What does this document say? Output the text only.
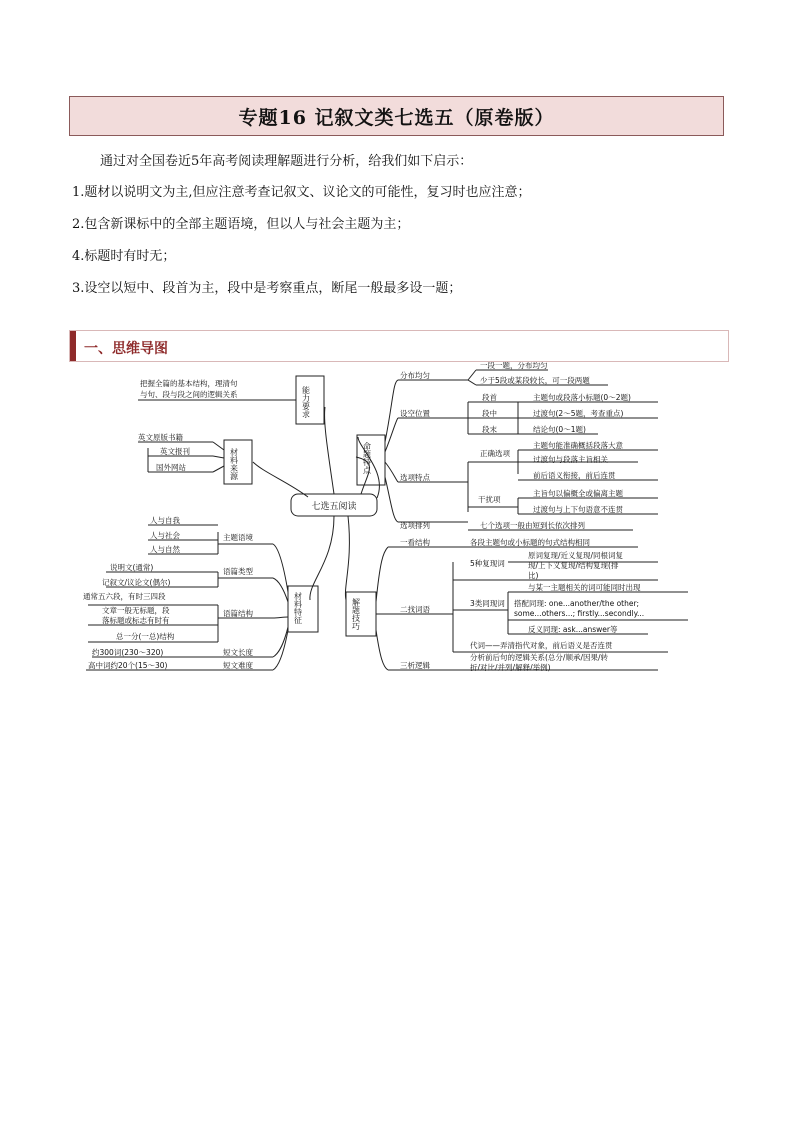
专题16 记叙文类七选五（原卷版）

通过对全国卷近5年高考阅读理解题进行分析，给我们如下启示：

1.题材以说明文为主,但应注意考查记叙文、议论文的可能性，复习时也应注意；

2.包含新课标中的全部主题语境，但以人与社会主题为主；

4.标题时有时无；

3.设空以短中、段首为主，段中是考察重点，断尾一般最多设一题；

一、思维导图
七选五阅读
能力要求
材料来源	命题特点
材料特征	解题技巧
把握全篇的基本结构，理清句
与句、段与段之间的逻辑关系
英文原版书籍
英文报刊
国外网站
分布均匀
一段一题，分布均匀
少于5段或某段较长，可一段两题
设空位置
段首	主题句或段落小标题(0～2题)
段中	过渡句(2～5题，考查重点)
段末	结论句(0～1题)
选项特点
正确选项
主题句能准确概括段落大意
过渡句与段落主旨相关
前后语义衔接，前后连贯
干扰项
主旨句以偏概全或偏离主题
过渡句与上下句语意不连贯
选项排列	七个选项一般由短到长依次排列
主题语境
人与自我
人与社会
人与自然
语篇类型
说明文(通常)
记叙文/议论文(偶尔)
语篇结构
通常五六段，有时三四段
文章一般无标题，段
落标题或标志有时有
总一分(一总)结构
约300词(230～320)	短文长度
高中词约20个(15～30)	短文难度
一看结构	各段主题句或小标题的句式结构相同
二找词语
5种复现词
原词复现/近义复现/同根词复
现/上下义复现/结构复现(排
比)
3类同现词
与某一主题相关的词可能同时出现
搭配同现: one...another/the other;
some...others...; firstly...secondly...
反义同现: ask...answer等
代词——弄清指代对象，前后语义是否连贯
三析逻辑
分析前后句的逻辑关系(总分/顺承/因果/转
折/对比/并列/解释/举例)
